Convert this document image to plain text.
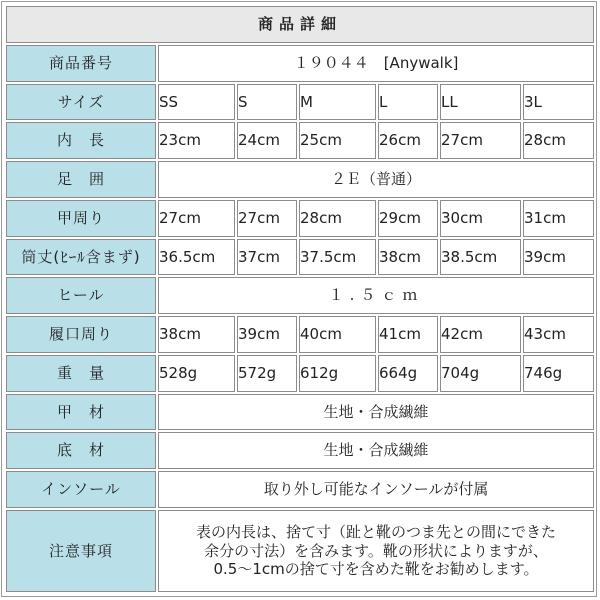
商品詳細						
商品番号	１９０４４　[Anywalk]					
サイズ	SS	S	M	L	LL	3L
内　長	23cm	24cm	25cm	26cm	27cm	28cm
足　囲	２Ｅ（普通）					
甲周り	27cm	27cm	28cm	29cm	30cm	31cm
筒丈(ﾋｰﾙ含まず)	36.5cm	37cm	37.5cm	38cm	38.5cm	39cm
ヒール	１.５ｃｍ					
履口周り	38cm	39cm	40cm	41cm	42cm	43cm
重　量	528g	572g	612g	664g	704g	746g
甲　材	生地・合成繊維					
底　材	生地・合成繊維					
インソール	取り外し可能なインソールが付属					
注意事項	表の内長は、捨て寸（趾と靴のつま先との間にできた
余分の寸法）を含みます。靴の形状によりますが、
0.5～1cmの捨て寸を含めた靴をお勧めします。					
